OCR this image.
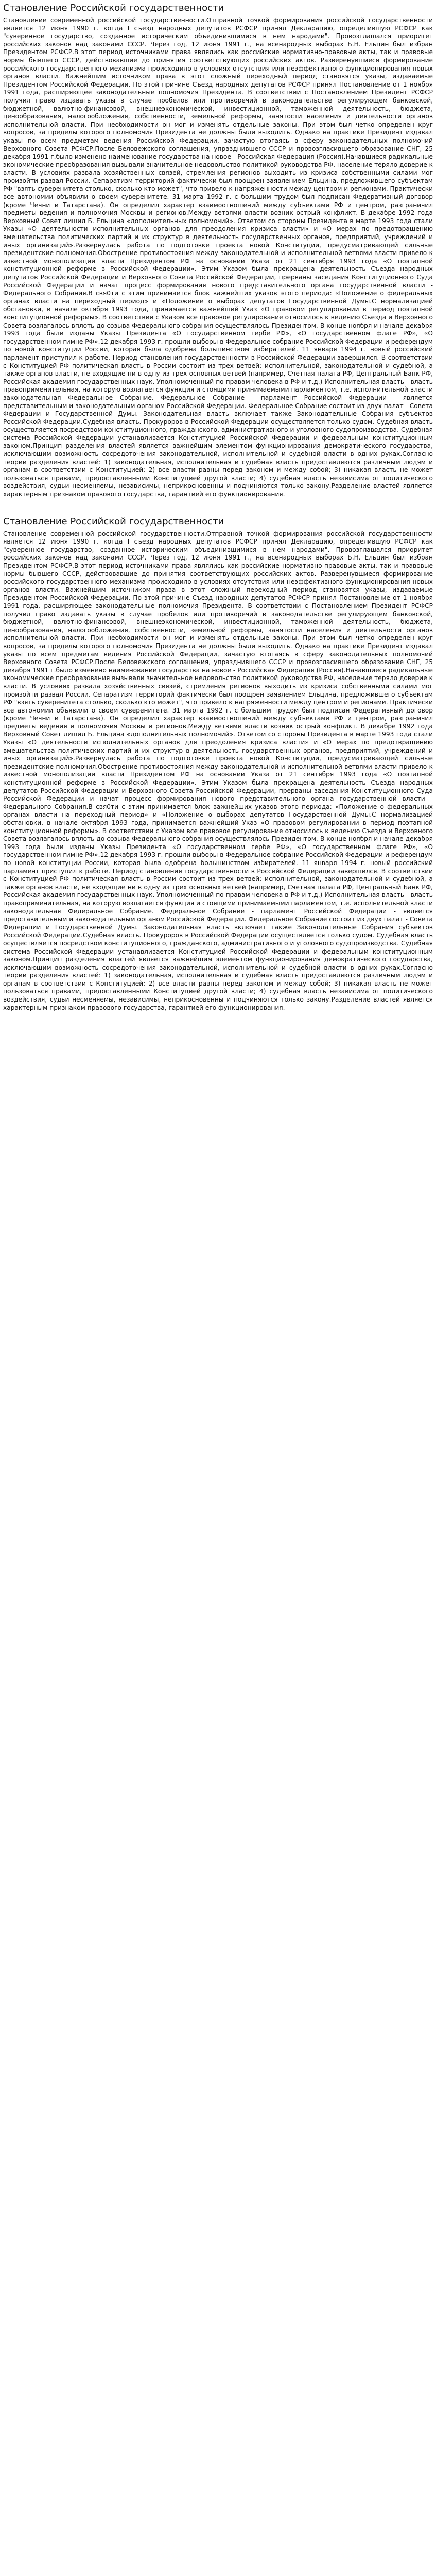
Становление Российской государственности

Становление современной российской государственности.Отправной точкой формирования российской государственности является 12 июня 1990 г. когда I съезд народных депутатов РСФСР принял Декларацию, определившую РСФСР как "суверенное государство, созданное историческим объединившимися в нем народами". Провозглашался приоритет российских законов над законами СССР. Через год, 12 июня 1991 г., на всенародных выборах Б.Н. Ельцин был избран Президентом РСФСР.В этот период источниками права являлись как российские нормативно-правовые акты, так и правовые нормы бывшего СССР, действовавшие до принятия соответствующих российских актов. Разверенувшиеся формирование российского государственного механизма происходило в условиях отсутствия или неэффективного функционирования новых органов власти. Важнейшим источником права в этот сложный переходный период становятся указы, издаваемые Президентом Российской Федерации. По этой причине Съезд народных депутатов РСФСР принял Постановление от 1 ноября 1991 года, расширяющее законодательные полномочия Президента. В соответствии с Постановлением Президент РСФСР получил право издавать указы в случае пробелов или противоречий в законодательстве регулирующем банковской, бюджетной, валютно-финансовой, внешнеэкономической, инвестиционной, таможенной деятельность, бюджета, ценообразования, налогообложения, собственности, земельной реформы, занятости населения и деятельности органов исполнительной власти. При необходимости он мог и изменять отдельные законы. При этом был четко определен круг вопросов, за пределы которого полномочия Президента не должны были выходить. Однако на практике Президент издавал указы по всем предметам ведения Российской Федерации, зачастую втогаясь в сферу законодательных полномочий Верховного Совета РСФСР.После Беловежского соглашения, упразднившего СССР и провозгласившего образование СНГ, 25 декабря 1991 г.было изменено наименование государства на новое - Российская Федерация (Россия).Начавшиеся радикальные экономические преобразования вызывали значительное недовольство политикой руководства РФ, население теряло доверие к власти. В условиях развала хозяйственных связей, стремления регионов выходить из кризиса собственными силами мог произойти развал России. Сепаратизм территорий фактически был поощрен заявлением Ельцина, предложившего субъектам РФ "взять суверенитета столько, сколько кто может", что привело к напряженности между центром и регионами. Практически все автономии объявили о своем суверенитете. 31 марта 1992 г. с большим трудом был подписан Федеративный договор (кроме Чечни и Татарстана). Он определил характер взаимоотношений между субъектами РФ и центром, разграничил предметы ведения и полномочия Москвы и регионов.Между ветвями власти возник острый конфликт. В декабре 1992 года Верховный Совет лишил Б. Ельцина «дополнительных полномочий». Ответом со стороны Президента в марте 1993 года стали Указы «О деятельности исполнительных органов для преодоления кризиса власти» и «О мерах по предотвращению вмешательства политических партий и их структур в деятельность государственных органов, предприятий, учреждений и иных организаций».Развернулась работа по подготовке проекта новой Конституции, предусматривающей сильные президентские полномочия.Обострение противостояния между законодательной и исполнительной ветвями власти привело к известной монополизации власти Президентом РФ на основании Указа от 21 сентября 1993 года «О поэтапной конституционной реформе в Российской Федерации». Этим Указом была прекращена деятельность Съезда народных депутатов Российской Федерации и Верховного Совета Российской Федерации, прерваны заседания Конституционного Суда Российской Федерации и начат процесс формирования нового представительного органа государственной власти - Федерального Собрания.В свя0ти с этим принимается блок важнейших указов этого периода: «Положение о федеральных органах власти на переходный период» и «Положение о выборах депутатов Государственной Думы.С нормализацией обстановки, в начале октября 1993 года, принимается важнейший Указ «О правовом регулировании в период поэтапной конституционной реформы». В соответствии с Указом все правовое регулирование относилось к ведению Съезда и Верховного Совета возлагалось вплоть до созыва Федерального собрания осуществлялось Президентом. В конце ноября и начале декабря 1993 года были изданы Указы Президента «О государственном гербе РФ», «О государственном флаге РФ», «О государственном гимне РФ».12 декабря 1993 г. прошли выборы в Федеральное собрание Российской Федерации и референдум по новой конституции России, которая была одобрена большинством избирателей. 11 января 1994 г. новый российский парламент приступил к работе. Период становления государственности в Российской Федерации завершился. В соответствии с Конституцией РФ политическая власть в России состоит из трех ветвей: исполнительной, законодательной и судебной, а также органов власти, не входящие ни в одну из трех основных ветвей (например, Счетная палата РФ, Центральный Банк РФ, Российская академия государственных наук. Уполномоченный по правам человека в РФ и т.д.) Исполнительная власть - власть правоприменительная, на которую возлагается функция и стоящими принимаемыми парламентом, т.е. исполнительной власти законодательная Федеральное Собрание. Федеральное Собрание - парламент Российской Федерации - является представительным и законодательным органом Российской Федерации. Федеральное Собрание состоит из двух палат - Совета Федерации и Государственной Думы. Законодательная власть включает также Законодательные Собрания субъектов Российской Федерации.Судебная власть. Прокуроров в Российской Федерации осуществляется только судом. Судебная власть осуществляется посредством конституционного, гражданского, административного и уголовного судопроизводства. Судебная система Российской Федерации устанавливается Конституцией Российской Федерации и федеральным конституционным законом.Принцип разделения властей является важнейшим элементом функционирования демократического государства, исключающим возможность сосредоточения законодательной, исполнительной и судебной власти в одних руках.Согласно теории разделения властей: 1) законодательная, исполнительная и судебная власть предоставляются различным людям и органам в соответствии с Конституцией; 2) все власти равны перед законом и между собой; 3) никакая власть не может пользоваться правами, предоставленными Конституцией другой власти; 4) судебная власть независима от политического воздействия, судьи несменяемы, независимы, неприкосновенны и подчиняются только закону.Разделение властей является характерным признаком правового государства, гарантией его функционирования.

Становление Российской государственности

Становление современной российской государственности.Отправной точкой формирования российской государственности является 12 июня 1990 г. когда I съезд народных депутатов РСФСР принял Декларацию, определившую РСФСР как "суверенное государство, созданное историческим объединившимися в нем народами". Провозглашался приоритет российских законов над законами СССР. Через год, 12 июня 1991 г., на всенародных выборах Б.Н. Ельцин был избран Президентом РСФСР.В этот период источниками права являлись как российские нормативно-правовые акты, так и правовые нормы бывшего СССР, действовавшие до принятия соответствующих российских актов. Разверенувшиеся формирование российского государственного механизма происходило в условиях отсутствия или неэффективного функционирования новых органов власти. Важнейшим источником права в этот сложный переходный период становятся указы, издаваемые Президентом Российской Федерации. По этой причине Съезд народных депутатов РСФСР принял Постановление от 1 ноября 1991 года, расширяющее законодательные полномочия Президента. В соответствии с Постановлением Президент РСФСР получил право издавать указы в случае пробелов или противоречий в законодательстве регулирующем банковской, бюджетной, валютно-финансовой, внешнеэкономической, инвестиционной, таможенной деятельность, бюджета, ценообразования, налогообложения, собственности, земельной реформы, занятости населения и деятельности органов исполнительной власти. При необходимости он мог и изменять отдельные законы. При этом был четко определен круг вопросов, за пределы которого полномочия Президента не должны были выходить. Однако на практике Президент издавал указы по всем предметам ведения Российской Федерации, зачастую втогаясь в сферу законодательных полномочий Верховного Совета РСФСР.После Беловежского соглашения, упразднившего СССР и провозгласившего образование СНГ, 25 декабря 1991 г.было изменено наименование государства на новое - Российская Федерация (Россия).Начавшиеся радикальные экономические преобразования вызывали значительное недовольство политикой руководства РФ, население теряло доверие к власти. В условиях развала хозяйственных связей, стремления регионов выходить из кризиса собственными силами мог произойти развал России. Сепаратизм территорий фактически был поощрен заявлением Ельцина, предложившего субъектам РФ "взять суверенитета столько, сколько кто может", что привело к напряженности между центром и регионами. Практически все автономии объявили о своем суверенитете. 31 марта 1992 г. с большим трудом был подписан Федеративный договор (кроме Чечни и Татарстана). Он определил характер взаимоотношений между субъектами РФ и центром, разграничил предметы ведения и полномочия Москвы и регионов.Между ветвями власти возник острый конфликт. В декабре 1992 года Верховный Совет лишил Б. Ельцина «дополнительных полномочий». Ответом со стороны Президента в марте 1993 года стали Указы «О деятельности исполнительных органов для преодоления кризиса власти» и «О мерах по предотвращению вмешательства политических партий и их структур в деятельность государственных органов, предприятий, учреждений и иных организаций».Развернулась работа по подготовке проекта новой Конституции, предусматривающей сильные президентские полномочия.Обострение противостояния между законодательной и исполнительной ветвями власти привело к известной монополизации власти Президентом РФ на основании Указа от 21 сентября 1993 года «О поэтапной конституционной реформе в Российской Федерации». Этим Указом была прекращена деятельность Съезда народных депутатов Российской Федерации и Верховного Совета Российской Федерации, прерваны заседания Конституционного Суда Российской Федерации и начат процесс формирования нового представительного органа государственной власти - Федерального Собрания.В свя0ти с этим принимается блок важнейших указов этого периода: «Положение о федеральных органах власти на переходный период» и «Положение о выборах депутатов Государственной Думы.С нормализацией обстановки, в начале октября 1993 года, принимается важнейший Указ «О правовом регулировании в период поэтапной конституционной реформы». В соответствии с Указом все правовое регулирование относилось к ведению Съезда и Верховного Совета возлагалось вплоть до созыва Федерального собрания осуществлялось Президентом. В конце ноября и начале декабря 1993 года были изданы Указы Президента «О государственном гербе РФ», «О государственном флаге РФ», «О государственном гимне РФ».12 декабря 1993 г. прошли выборы в Федеральное собрание Российской Федерации и референдум по новой конституции России, которая была одобрена большинством избирателей. 11 января 1994 г. новый российский парламент приступил к работе. Период становления государственности в Российской Федерации завершился. В соответствии с Конституцией РФ политическая власть в России состоит из трех ветвей: исполнительной, законодательной и судебной, а также органов власти, не входящие ни в одну из трех основных ветвей (например, Счетная палата РФ, Центральный Банк РФ, Российская академия государственных наук. Уполномоченный по правам человека в РФ и т.д.) Исполнительная власть - власть правоприменительная, на которую возлагается функция и стоящими принимаемыми парламентом, т.е. исполнительной власти законодательная Федеральное Собрание. Федеральное Собрание - парламент Российской Федерации - является представительным и законодательным органом Российской Федерации. Федеральное Собрание состоит из двух палат - Совета Федерации и Государственной Думы. Законодательная власть включает также Законодательные Собрания субъектов Российской Федерации.Судебная власть. Прокуроров в Российской Федерации осуществляется только судом. Судебная власть осуществляется посредством конституционного, гражданского, административного и уголовного судопроизводства. Судебная система Российской Федерации устанавливается Конституцией Российской Федерации и федеральным конституционным законом.Принцип разделения властей является важнейшим элементом функционирования демократического государства, исключающим возможность сосредоточения законодательной, исполнительной и судебной власти в одних руках.Согласно теории разделения властей: 1) законодательная, исполнительная и судебная власть предоставляются различным людям и органам в соответствии с Конституцией; 2) все власти равны перед законом и между собой; 3) никакая власть не может пользоваться правами, предоставленными Конституцией другой власти; 4) судебная власть независима от политического воздействия, судьи несменяемы, независимы, неприкосновенны и подчиняются только закону.Разделение властей является характерным признаком правового государства, гарантией его функционирования.
